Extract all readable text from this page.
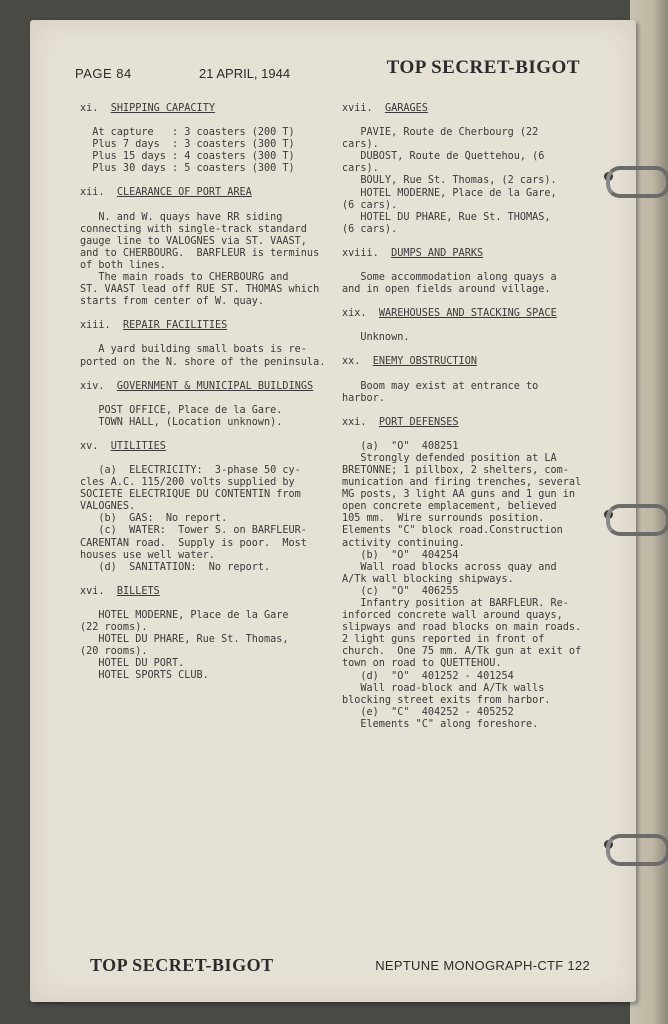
PAGE 84	21 APRIL, 1944	TOP SECRET-BIGOT
xi. SHIPPING CAPACITY
At capture   : 3 coasters (200 T)
Plus 7 days  : 3 coasters (300 T)
Plus 15 days : 4 coasters (300 T)
Plus 30 days : 5 coasters (300 T)
xii. CLEARANCE OF PORT AREA
N. and W. quays have RR siding
connecting with single-track standard
gauge line to VALOGNES via ST. VAAST,
and to CHERBOURG.  BARFLEUR is terminus
of both lines.
The main roads to CHERBOURG and
ST. VAAST lead off RUE ST. THOMAS which
starts from center of W. quay.
xiii. REPAIR FACILITIES
A yard building small boats is re-
ported on the N. shore of the peninsula.
xiv. GOVERNMENT & MUNICIPAL BUILDINGS
POST OFFICE, Place de la Gare.
TOWN HALL, (Location unknown).
xv. UTILITIES
(a)  ELECTRICITY:  3-phase 50 cy-
cles A.C. 115/200 volts supplied by
SOCIETE ELECTRIQUE DU CONTENTIN from
VALOGNES.
(b)  GAS:  No report.
(c)  WATER:  Tower S. on BARFLEUR-
CARENTAN road.  Supply is poor.  Most
houses use well water.
(d)  SANITATION:  No report.
xvi. BILLETS
HOTEL MODERNE, Place de la Gare
(22 rooms).
HOTEL DU PHARE, Rue St. Thomas,
(20 rooms).
HOTEL DU PORT.
HOTEL SPORTS CLUB.
xvii. GARAGES
PAVIE, Route de Cherbourg (22
cars).
DUBOST, Route de Quettehou, (6
cars).
BOULY, Rue St. Thomas, (2 cars).
HOTEL MODERNE, Place de la Gare,
(6 cars).
HOTEL DU PHARE, Rue St. THOMAS,
(6 cars).
xviii. DUMPS AND PARKS
Some accommodation along quays a
and in open fields around village.
xix. WAREHOUSES AND STACKING SPACE
Unknown.
xx. ENEMY OBSTRUCTION
Boom may exist at entrance to
harbor.
xxi. PORT DEFENSES
(a)  "O"  408251
Strongly defended position at LA
BRETONNE; 1 pillbox, 2 shelters, com-
munication and firing trenches, several
MG posts, 3 light AA guns and 1 gun in
open concrete emplacement, believed
105 mm.  Wire surrounds position.
Elements "C" block road.Construction
activity continuing.
(b)  "O"  404254
Wall road blocks across quay and
A/Tk wall blocking shipways.
(c)  "O"  406255
Infantry position at BARFLEUR. Re-
inforced concrete wall around quays,
slipways and road blocks on main roads.
2 light guns reported in front of
church.  One 75 mm. A/Tk gun at exit of
town on road to QUETTEHOU.
(d)  "O"  401252 - 401254
Wall road-block and A/Tk walls
blocking street exits from harbor.
(e)  "C"  404252 - 405252
Elements "C" along foreshore.
TOP SECRET-BIGOT	NEPTUNE MONOGRAPH-CTF 122
